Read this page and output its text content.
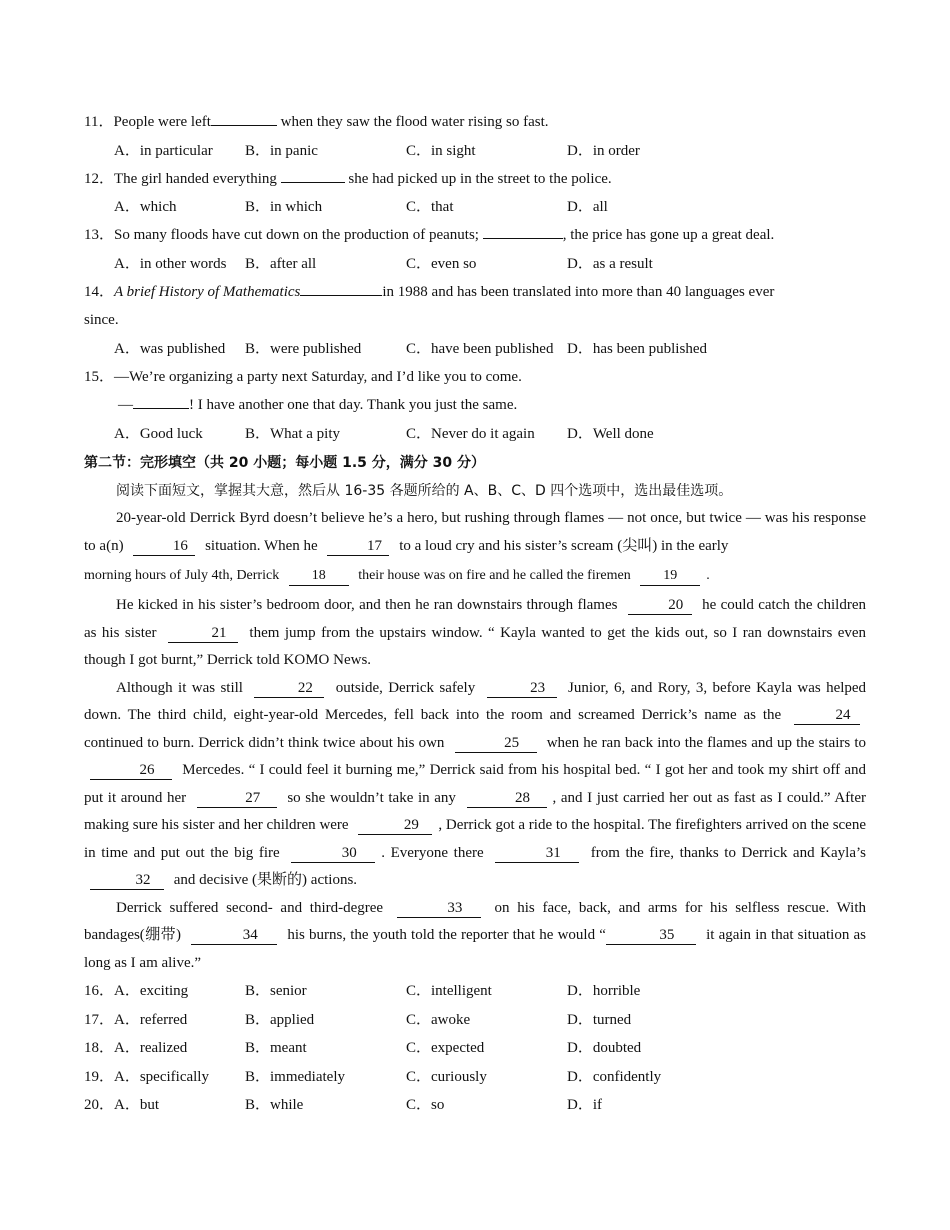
11．People were left	when they saw the flood water rising so fast.
A．in particular B．in panic	C．in sight	D．in order
12．The girl handed everything	she had picked up in the street to the police.
A．which	B．in which	C．that	D．all
13．So many floods have cut down on the production of peanuts;	, the price has gone up a great deal.
A．in other words B．after all	C．even so	D．as a result
14．A brief History of Mathematics	in 1988 and has been translated into more than 40 languages ever
since.
A．was published B．were published	C．have been published D．has been published
15．—We’re organizing a party next Saturday, and I’d like you to come.
—	! I have another one that day. Thank you just the same.
A．Good luck	B．What a pity	C．Never do it again D．Well done
第二节：完形填空（共 20 小题；每小题 1.5 分，满分 30 分）
阅读下面短文，掌握其大意，然后从 16-35 各题所给的 A、B、C、D 四个选项中，选出最佳选项。
20-year-old Derrick Byrd doesn’t believe he’s a hero, but rushing through flames — not once, but twice — was his response to a(n)	16 situation. When he	17 to a loud cry and his sister’s scream (尖叫) in the early
morning hours of July 4th, Derrick 18 their house was on fire and he called the firemen 19 .
He kicked in his sister’s bedroom door, and then he ran downstairs through flames	20 he could catch the children as his sister	21 them jump from the upstairs window. “ Kayla wanted to get the kids out, so I ran downstairs even though I got burnt,” Derrick told KOMO News.
Although it was still	22 outside, Derrick safely	23 Junior, 6, and Rory, 3, before Kayla was helped down. The third child, eight-year-old Mercedes, fell back into the room and screamed Derrick’s name as the	24 continued to burn. Derrick didn’t think twice about his own	25 when he ran back into the flames and up the stairs to 26 Mercedes. “ I could feel it burning me,” Derrick said from his hospital bed. “ I got her and took my shirt off and put it around her	27 so she wouldn’t take in any	28 , and I just carried her out as fast as I could.” After making sure his sister and her children were	29 , Derrick got a ride to the hospital. The firefighters arrived on the scene in time and put out the big fire	30 . Everyone there	31 from the fire, thanks to Derrick and Kayla’s 32 and decisive (果断的) actions.
Derrick suffered second- and third-degree	33 on his face, back, and arms for his selfless rescue. With bandages(绷带)	34 his burns, the youth told the reporter that he would “	35 it again in that situation as long as I am alive.”
16． A．exciting	B．senior	C．intelligent	D．horrible
17． A．referred	B．applied	C．awoke	D．turned
18． A．realized	B．meant	C．expected	D．doubted
19． A．specifically B．immediately	C．curiously	D．confidently
20． A．but	B．while	C．so	D．if
